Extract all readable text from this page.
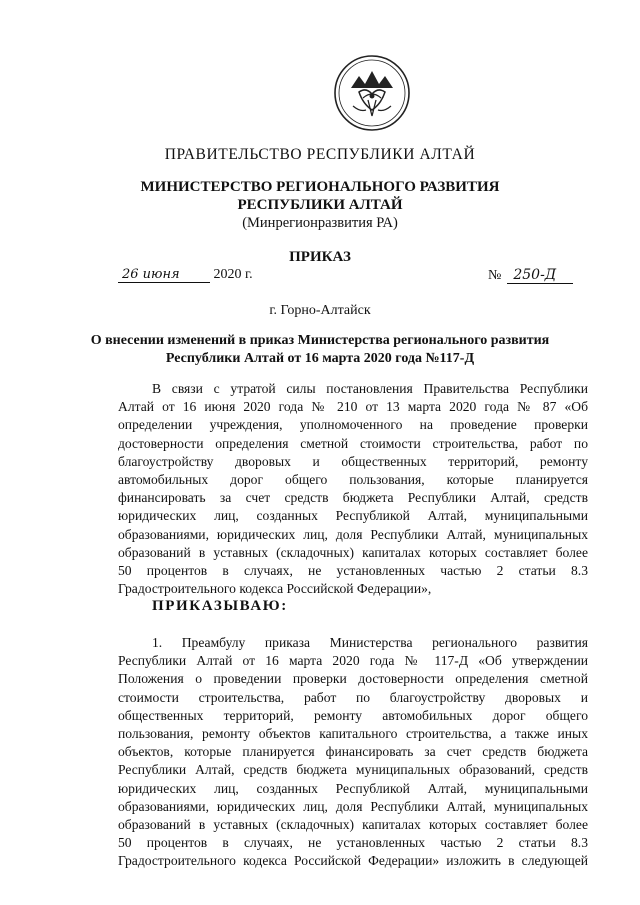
ПРАВИТЕЛЬСТВО РЕСПУБЛИКИ АЛТАЙ
МИНИСТЕРСТВО РЕГИОНАЛЬНОГО РАЗВИТИЯ
РЕСПУБЛИКИ АЛТАЙ
(Минрегионразвития РА)
ПРИКАЗ
26 июня 2020 г.	№ 250-Д
г. Горно-Алтайск
О внесении изменений в приказ Министерства регионального развития
Республики Алтай от 16 марта 2020 года №117-Д
В связи с утратой силы постановления Правительства Республики
Алтай от 16 июня 2020 года № 210 от 13 марта 2020 года № 87 «Об
определении учреждения, уполномоченного на проведение проверки
достоверности определения сметной стоимости строительства, работ по
благоустройству дворовых и общественных территорий, ремонту
автомобильных дорог общего пользования, которые планируется
финансировать за счет средств бюджета Республики Алтай, средств
юридических лиц, созданных Республикой Алтай, муниципальными
образованиями, юридических лиц, доля Республики Алтай, муниципальных
образований в уставных (складочных) капиталах которых составляет более
50 процентов в случаях, не установленных частью 2 статьи 8.3
Градостроительного кодекса Российской Федерации»,
ПРИКАЗЫВАЮ:
1. Преамбулу приказа Министерства регионального развития
Республики Алтай от 16 марта 2020 года № 117-Д «Об утверждении
Положения о проведении проверки достоверности определения сметной
стоимости строительства, работ по благоустройству дворовых и
общественных территорий, ремонту автомобильных дорог общего
пользования, ремонту объектов капитального строительства, а также иных
объектов, которые планируется финансировать за счет средств бюджета
Республики Алтай, средств бюджета муниципальных образований, средств
юридических лиц, созданных Республикой Алтай, муниципальными
образованиями, юридических лиц, доля Республики Алтай, муниципальных
образований в уставных (складочных) капиталах которых составляет более
50 процентов в случаях, не установленных частью 2 статьи 8.3
Градостроительного кодекса Российской Федерации» изложить в следующей
